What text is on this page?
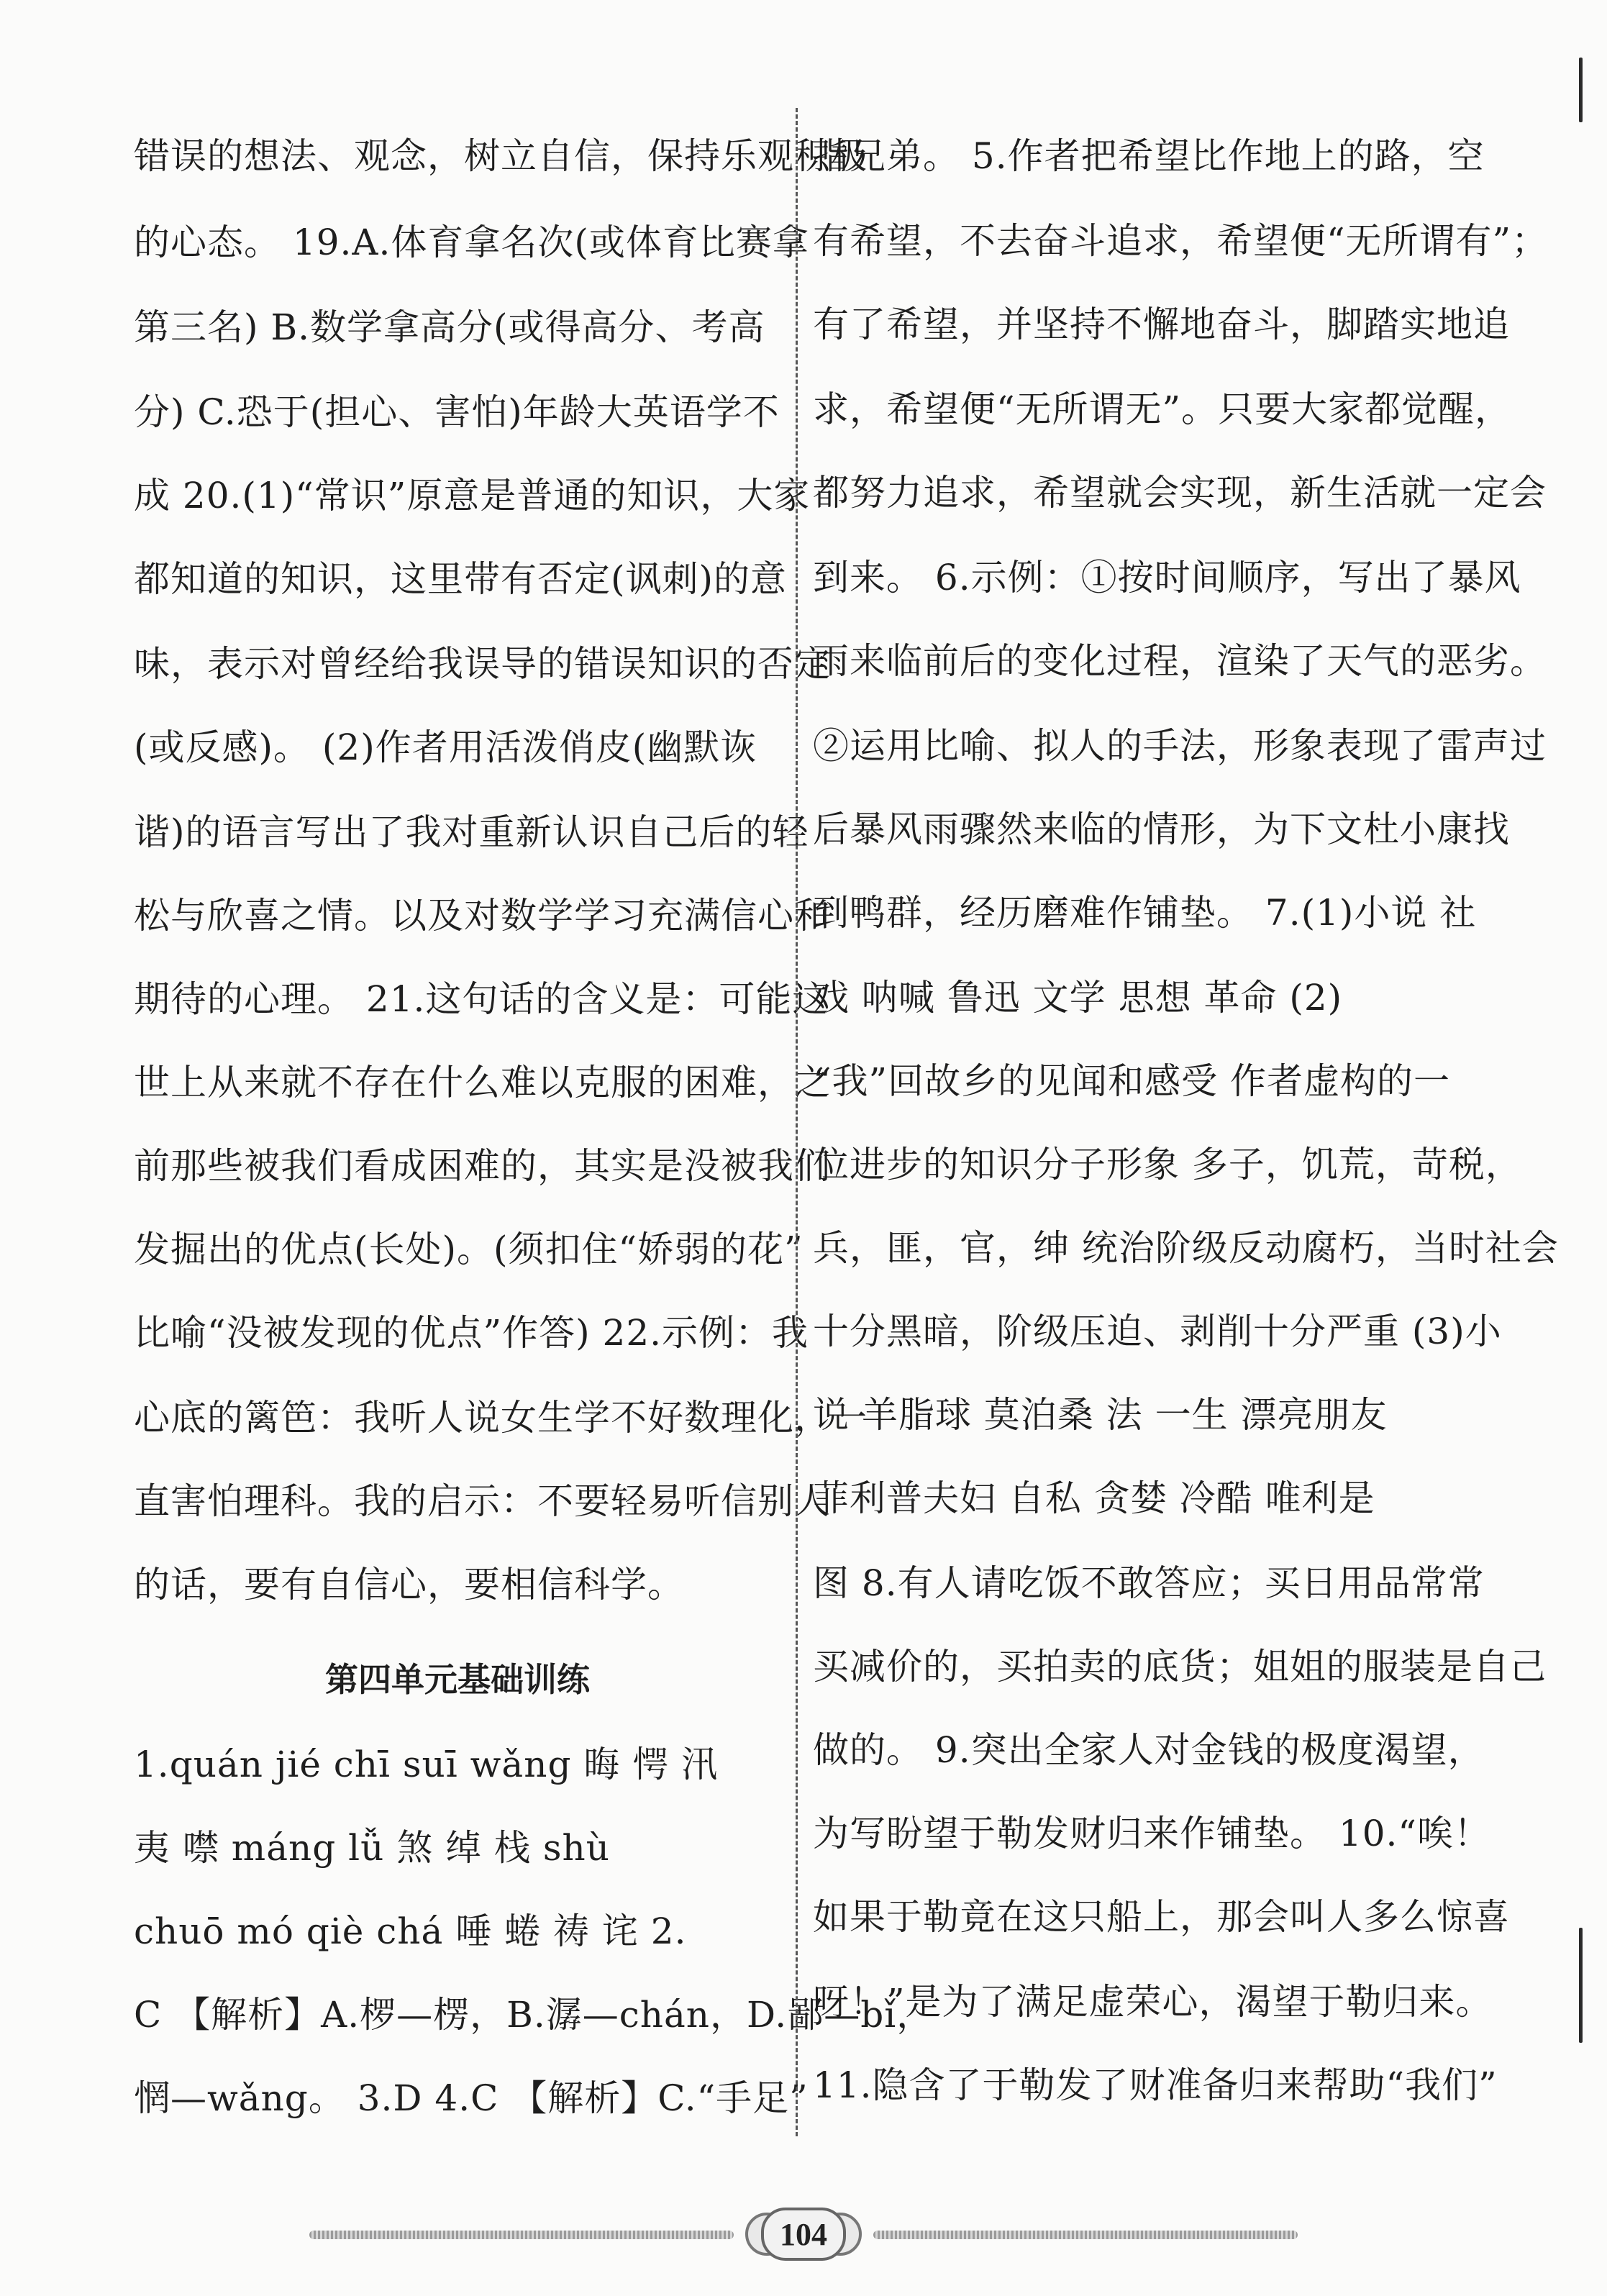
错误的想法、观念，树立自信，保持乐观积极
的心态。 19.A.体育拿名次(或体育比赛拿
第三名) B.数学拿高分(或得高分、考高
分) C.恐于(担心、害怕)年龄大英语学不
成 20.(1)“常识”原意是普通的知识，大家
都知道的知识，这里带有否定(讽刺)的意
味，表示对曾经给我误导的错误知识的否定
(或反感)。 (2)作者用活泼俏皮(幽默诙
谐)的语言写出了我对重新认识自己后的轻
松与欣喜之情。以及对数学学习充满信心和
期待的心理。 21.这句话的含义是：可能这
世上从来就不存在什么难以克服的困难，之
前那些被我们看成困难的，其实是没被我们
发掘出的优点(长处)。(须扣住“娇弱的花”
比喻“没被发现的优点”作答) 22.示例：我
心底的篱笆：我听人说女生学不好数理化，一
直害怕理科。我的启示：不要轻易听信别人
的话，要有自信心，要相信科学。
第四单元基础训练
1.quán jié chī suī wǎng 晦 愕 汛
夷 噤 máng lǚ 煞 绰 栈 shù
chuō mó qiè chá 唾 蜷 祷 诧 2.
C 【解析】A.椤—楞，B.潺—chán，D.鄙—bǐ，
惘—wǎng。 3.D 4.C 【解析】C.“手足”
指兄弟。 5.作者把希望比作地上的路，空
有希望，不去奋斗追求，希望便“无所谓有”；
有了希望，并坚持不懈地奋斗，脚踏实地追
求，希望便“无所谓无”。只要大家都觉醒，
都努力追求，希望就会实现，新生活就一定会
到来。 6.示例：①按时间顺序，写出了暴风
雨来临前后的变化过程，渲染了天气的恶劣。
②运用比喻、拟人的手法，形象表现了雷声过
后暴风雨骤然来临的情形，为下文杜小康找
到鸭群，经历磨难作铺垫。 7.(1)小说 社
戏 呐喊 鲁迅 文学 思想 革命 (2)
“我”回故乡的见闻和感受 作者虚构的一
位进步的知识分子形象 多子，饥荒，苛税，
兵，匪，官，绅 统治阶级反动腐朽，当时社会
十分黑暗，阶级压迫、剥削十分严重 (3)小
说 羊脂球 莫泊桑 法 一生 漂亮朋友
菲利普夫妇 自私 贪婪 冷酷 唯利是
图 8.有人请吃饭不敢答应；买日用品常常
买减价的，买拍卖的底货；姐姐的服装是自己
做的。 9.突出全家人对金钱的极度渴望，
为写盼望于勒发财归来作铺垫。 10.“唉！
如果于勒竟在这只船上，那会叫人多么惊喜
呀！”是为了满足虚荣心，渴望于勒归来。
11.隐含了于勒发了财准备归来帮助“我们”
104
